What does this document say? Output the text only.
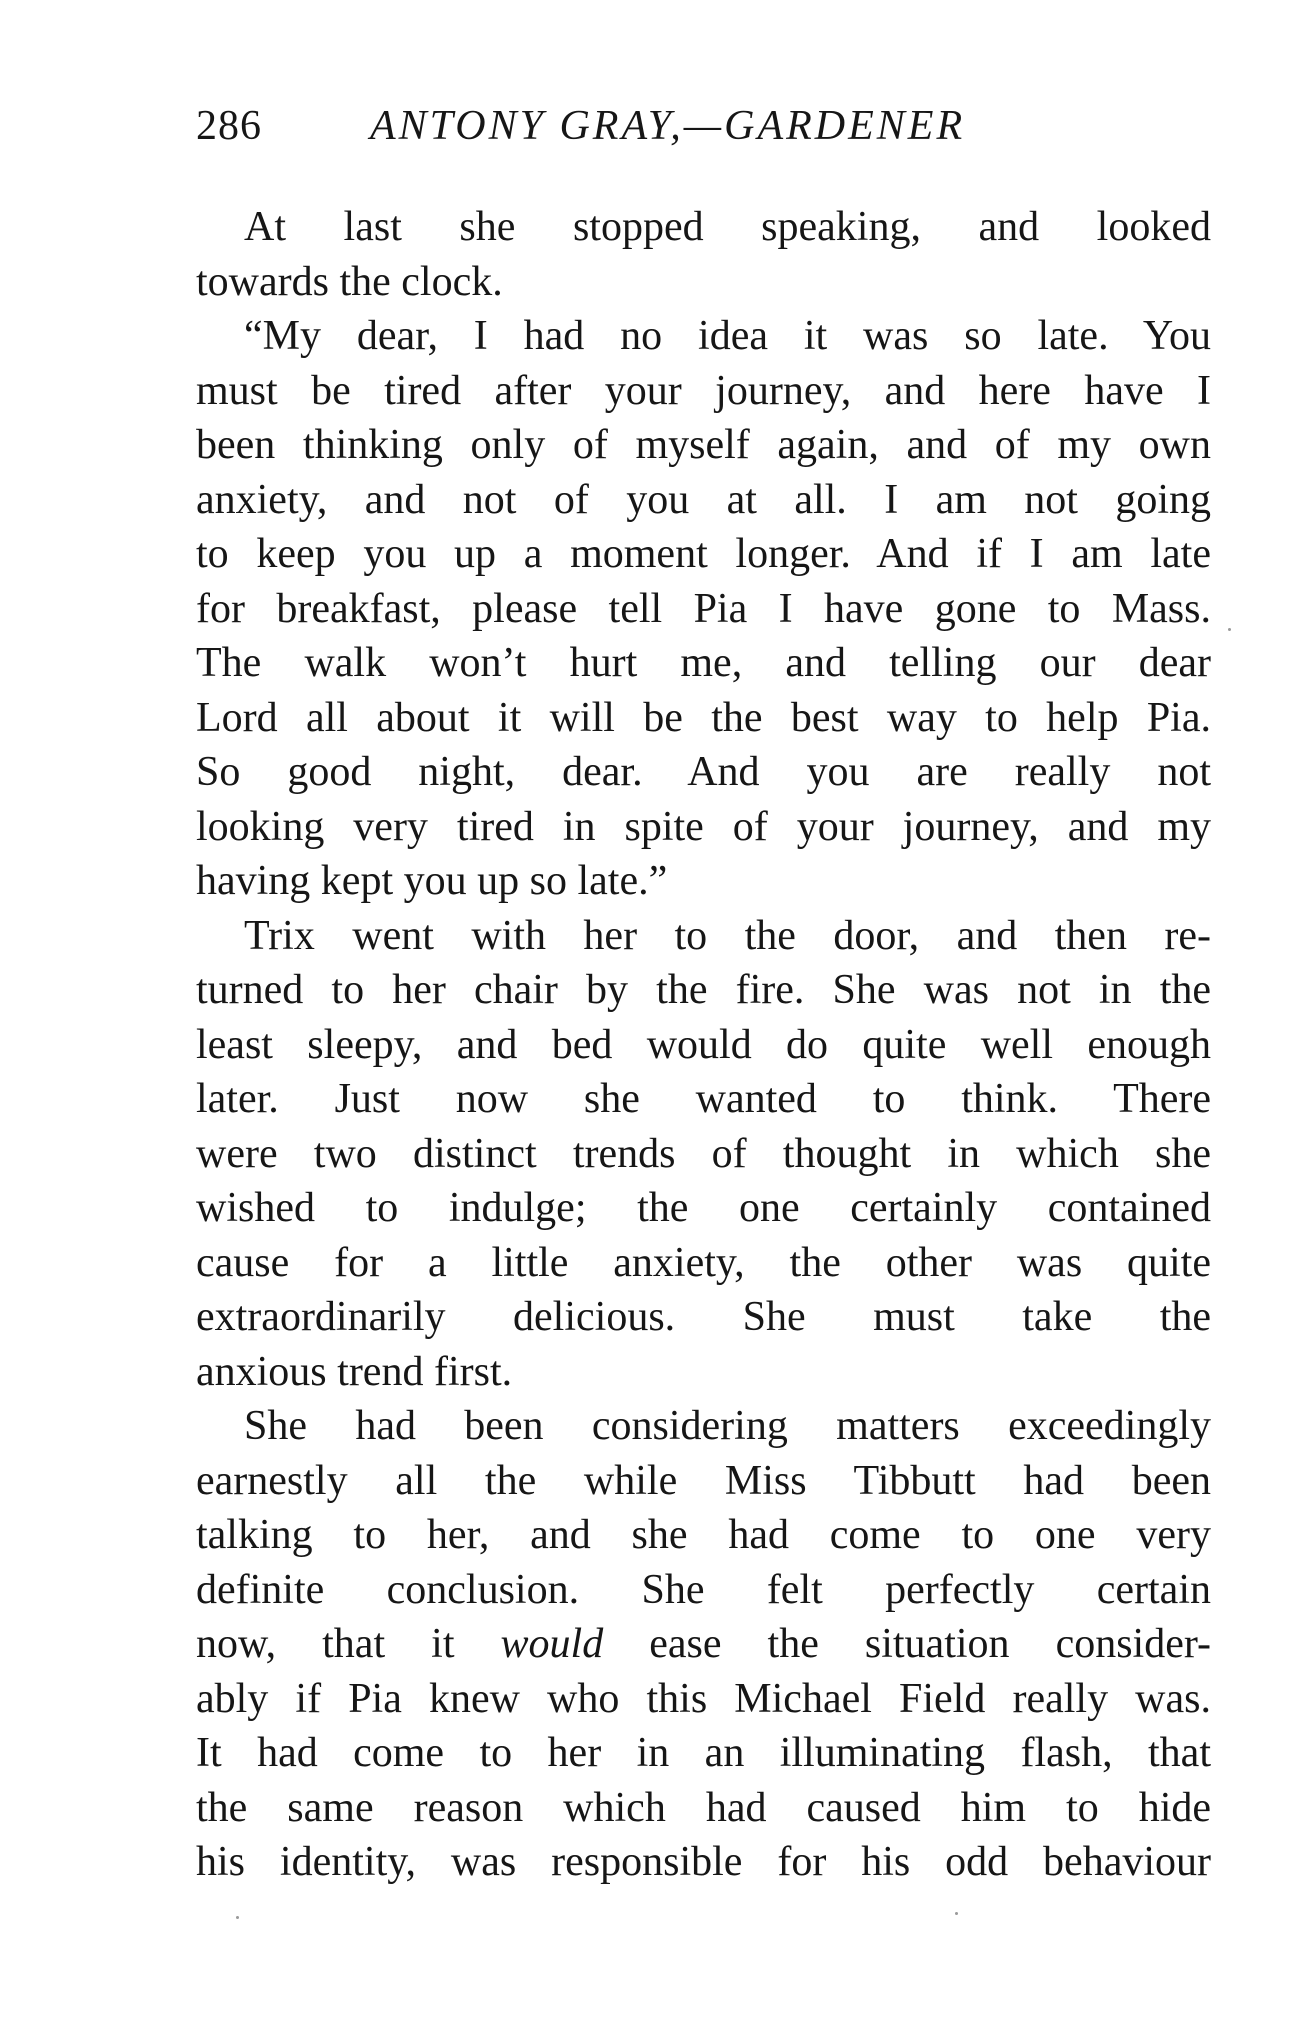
286	ANTONY GRAY,—GARDENER
At last she stopped speaking, and looked
towards the clock.
“My dear, I had no idea it was so late. You
must be tired after your journey, and here have I
been thinking only of myself again, and of my own
anxiety, and not of you at all. I am not going
to keep you up a moment longer. And if I am late
for breakfast, please tell Pia I have gone to Mass.
The walk won’t hurt me, and telling our dear
Lord all about it will be the best way to help Pia.
So good night, dear. And you are really not
looking very tired in spite of your journey, and my
having kept you up so late.”
Trix went with her to the door, and then re-
turned to her chair by the fire. She was not in the
least sleepy, and bed would do quite well enough
later. Just now she wanted to think. There
were two distinct trends of thought in which she
wished to indulge; the one certainly contained
cause for a little anxiety, the other was quite
extraordinarily delicious. She must take the
anxious trend first.
She had been considering matters exceedingly
earnestly all the while Miss Tibbutt had been
talking to her, and she had come to one very
definite conclusion. She felt perfectly certain
now, that it would ease the situation consider-
ably if Pia knew who this Michael Field really was.
It had come to her in an illuminating flash, that
the same reason which had caused him to hide
his identity, was responsible for his odd behaviour
